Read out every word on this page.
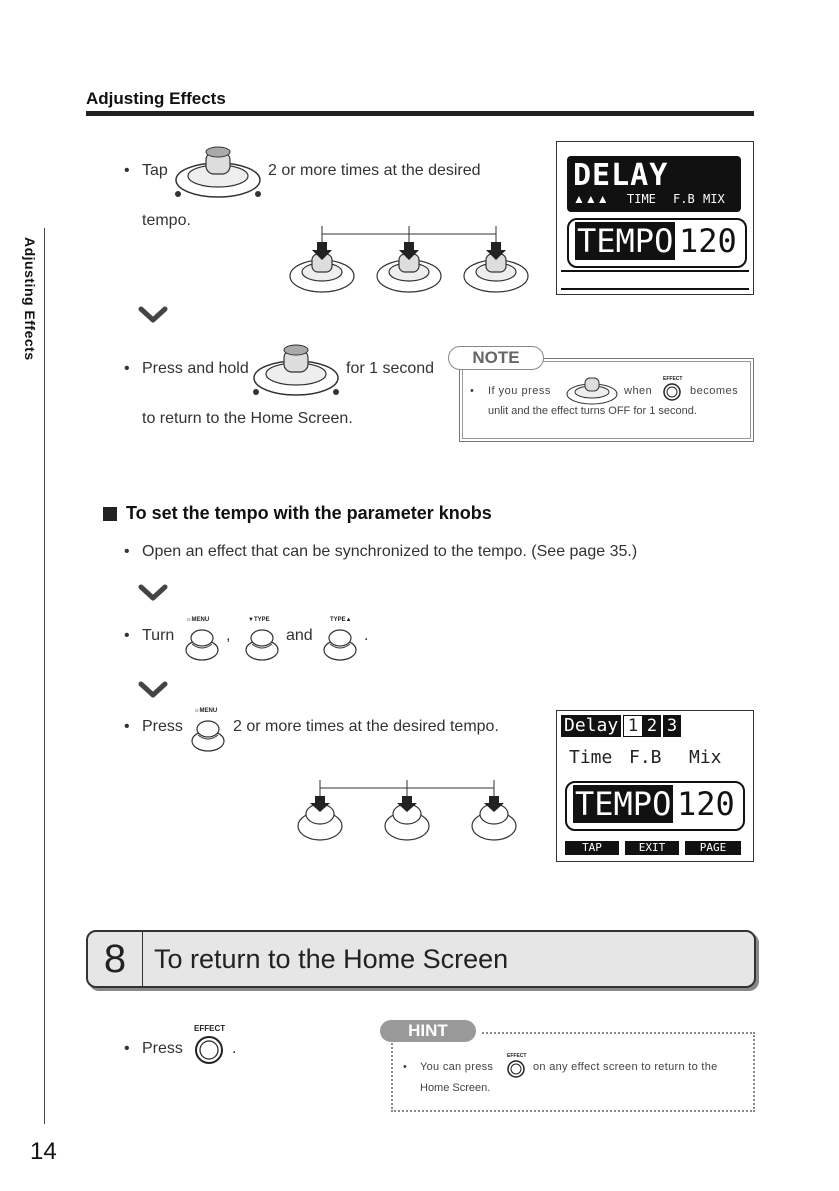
Adjusting Effects
Adjusting Effects
14
• Tap	2 or more times at the desired
tempo.
DELAY
▲▲▲ TIME F.B MIX
TEMPO 120
• Press and hold	for 1 second
to return to the Home Screen.
NOTE
• If you press	when
EFFECT
becomes
unlit and the effect turns OFF for 1 second.
To set the tempo with the parameter knobs
• Open an effect that can be synchronized to the tempo. (See page 35.)
• Turn
☼MENU
,
▼TYPE
and
TYPE▲
.
• Press
☼MENU
2 or more times at the desired tempo.	Delay 1 2 3
Time F.B Mix
TEMPO 120
TAP	EXIT	PAGE
8	To return to the Home Screen
• Press
EFFECT
.
HINT
• You can press
EFFECT
on any effect screen to return to the
Home Screen.
